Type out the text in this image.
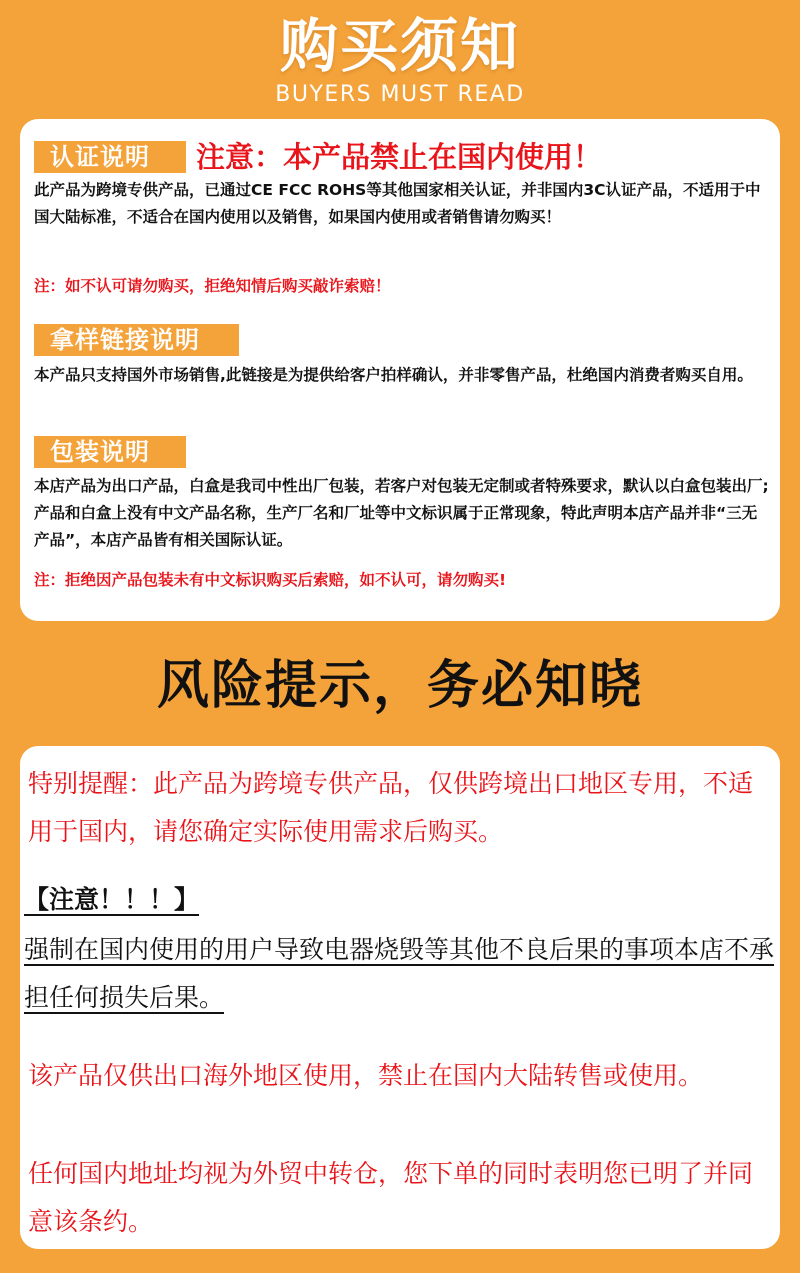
购买须知
BUYERS MUST READ
认证说明	注意：本产品禁止在国内使用！
此产品为跨境专供产品，已通过CE FCC ROHS等其他国家相关认证，并非国内3C认证产品，不适用于中国大陆标准，不适合在国内使用以及销售，如果国内使用或者销售请勿购买！
注：如不认可请勿购买，拒绝知情后购买敲诈索赔！
拿样链接说明
本产品只支持国外市场销售,此链接是为提供给客户拍样确认，并非零售产品，杜绝国内消费者购买自用。
包装说明
本店产品为出口产品，白盒是我司中性出厂包装，若客户对包装无定制或者特殊要求，默认以白盒包装出厂;产品和白盒上没有中文产品名称，生产厂名和厂址等中文标识属于正常现象，特此声明本店产品并非“三无产品”，本店产品皆有相关国际认证。
注：拒绝因产品包装未有中文标识购买后索赔，如不认可，请勿购买!
风险提示，务必知晓
特别提醒：此产品为跨境专供产品，仅供跨境出口地区专用，不适用于国内，请您确定实际使用需求后购买。
【注意！！！】
强制在国内使用的用户导致电器烧毁等其他不良后果的事项本店不承担任何损失后果。
该产品仅供出口海外地区使用，禁止在国内大陆转售或使用。
任何国内地址均视为外贸中转仓，您下单的同时表明您已明了并同意该条约。
